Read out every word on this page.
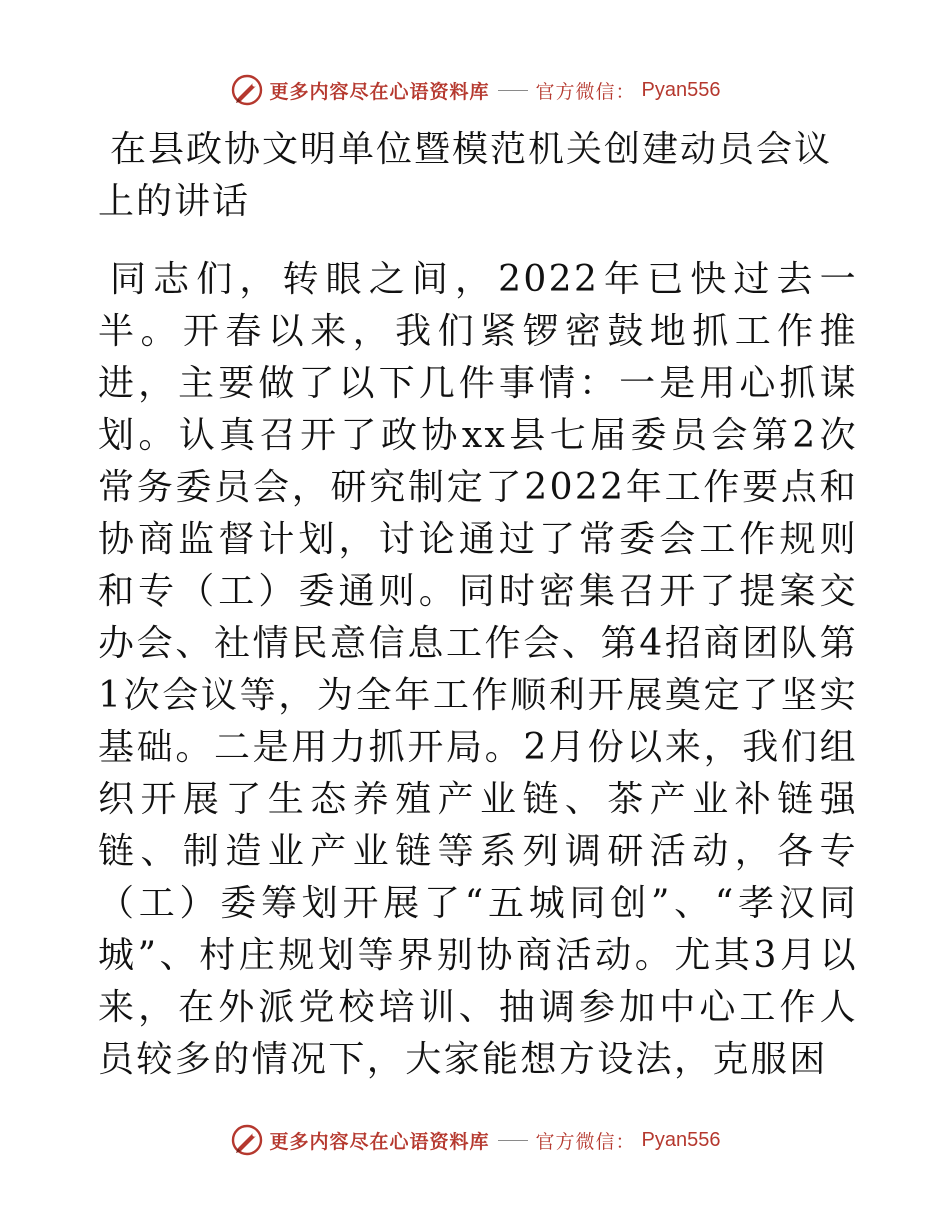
更多内容尽在心语资料库 官方微信： Pyan556
在县政协文明单位暨模范机关创建动员会议上的讲话

同志们，转眼之间，2022年已快过去一半。开春以来，我们紧锣密鼓地抓工作推进，主要做了以下几件事情：一是用心抓谋划。认真召开了政协xx县七届委员会第2次常务委员会，研究制定了2022年工作要点和协商监督计划，讨论通过了常委会工作规则和专（工）委通则。同时密集召开了提案交办会、社情民意信息工作会、第4招商团队第1次会议等，为全年工作顺利开展奠定了坚实基础。二是用力抓开局。2月份以来，我们组织开展了生态养殖产业链、茶产业补链强链、制造业产业链等系列调研活动，各专（工）委筹划开展了“五城同创”、“孝汉同城”、村庄规划等界别协商活动。尤其3月以来，在外派党校培训、抽调参加中心工作人员较多的情况下，大家能想方设法，克服困

更多内容尽在心语资料库 官方微信： Pyan556
